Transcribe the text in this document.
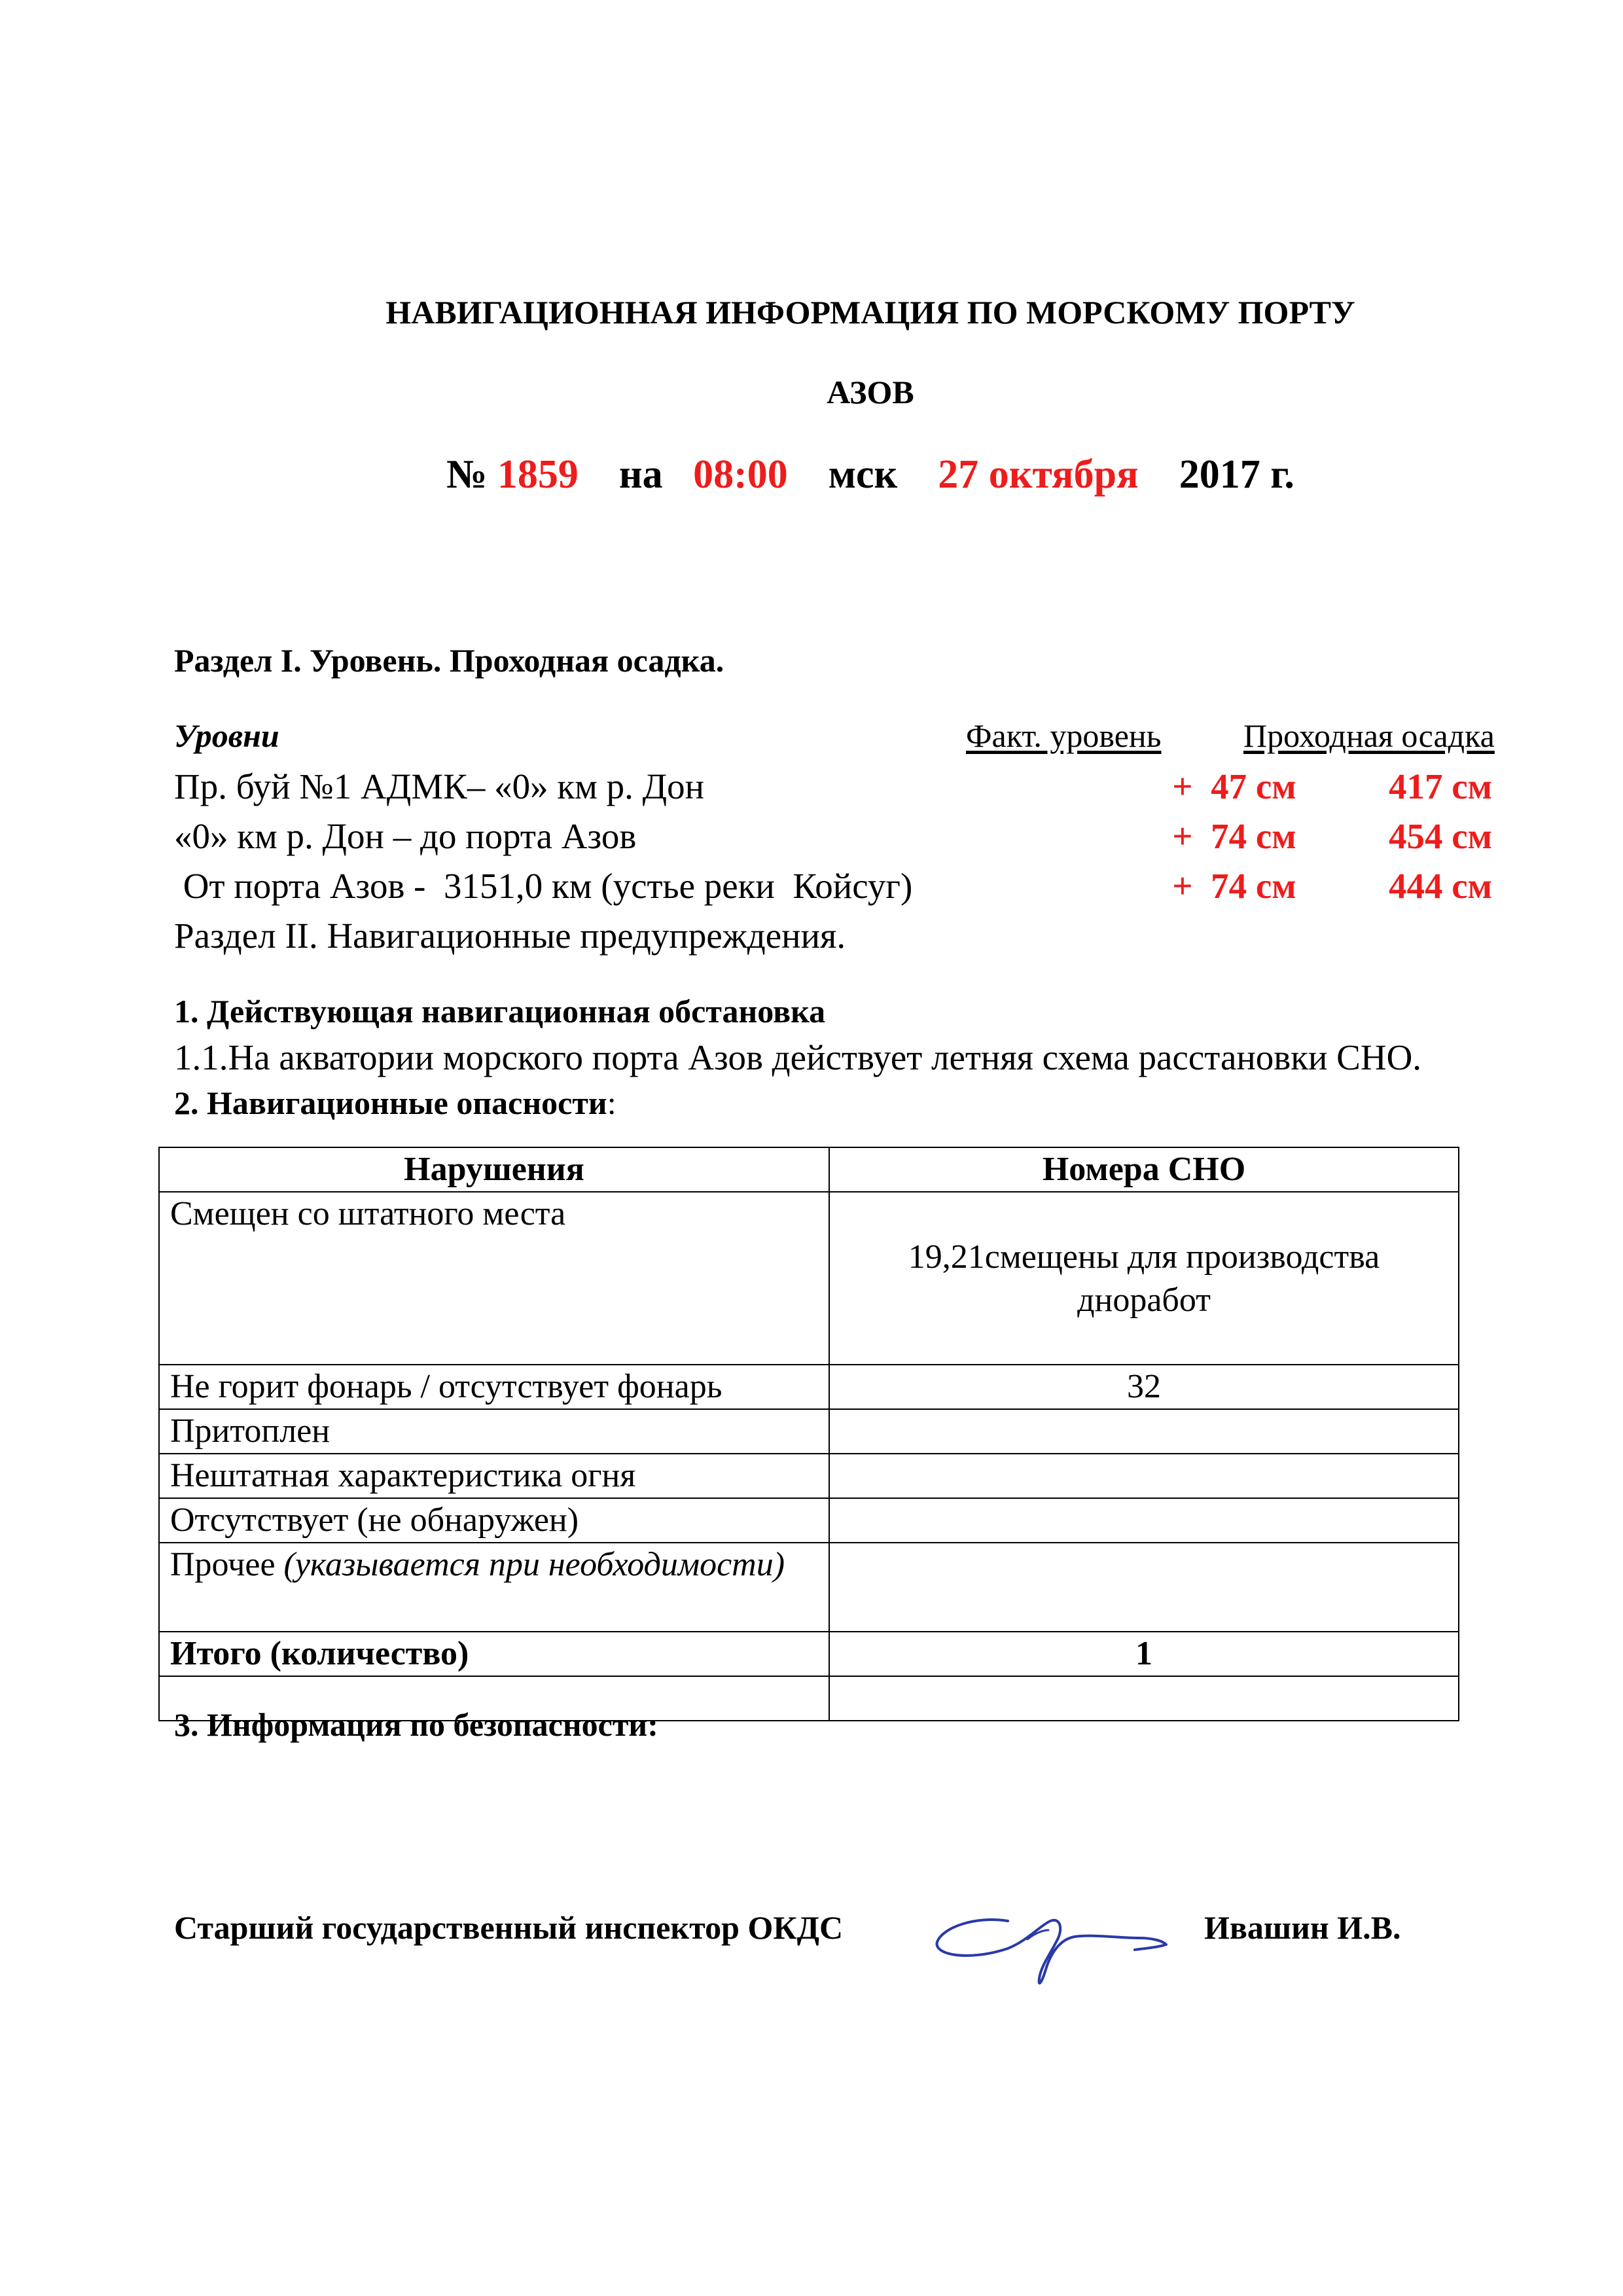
НАВИГАЦИОННАЯ ИНФОРМАЦИЯ ПО МОРСКОМУ ПОРТУ
АЗОВ
№ 1859 на 08:00 мск 27 октября 2017 г.
Раздел I. Уровень. Проходная осадка.
Уровни	Факт. уровень	Проходная осадка
Пр. буй №1 АДМК– «0» км р. Дон	+  47 см	417 см
«0» км р. Дон – до порта Азов	+  74 см	454 см
От порта Азов -  3151,0 км (устье реки  Койсуг)	+  74 см	444 см
Раздел II. Навигационные предупреждения.
1. Действующая навигационная обстановка
1.1.На акватории морского порта Азов действует летняя схема расстановки СНО.
2. Навигационные опасности:
Нарушения	Номера СНО
Смещен со штатного места	19,21смещены для производства днoработ
Не горит фонарь / отсутствует фонарь	32
Притоплен	
Нештатная характеристика огня	
Отсутствует (не обнаружен)	
Прочее (указывается при необходимости)	
Итого (количество)	1

3. Информация по безопасности:
Старший государственный инспектор ОКДС	Ивашин И.В.
